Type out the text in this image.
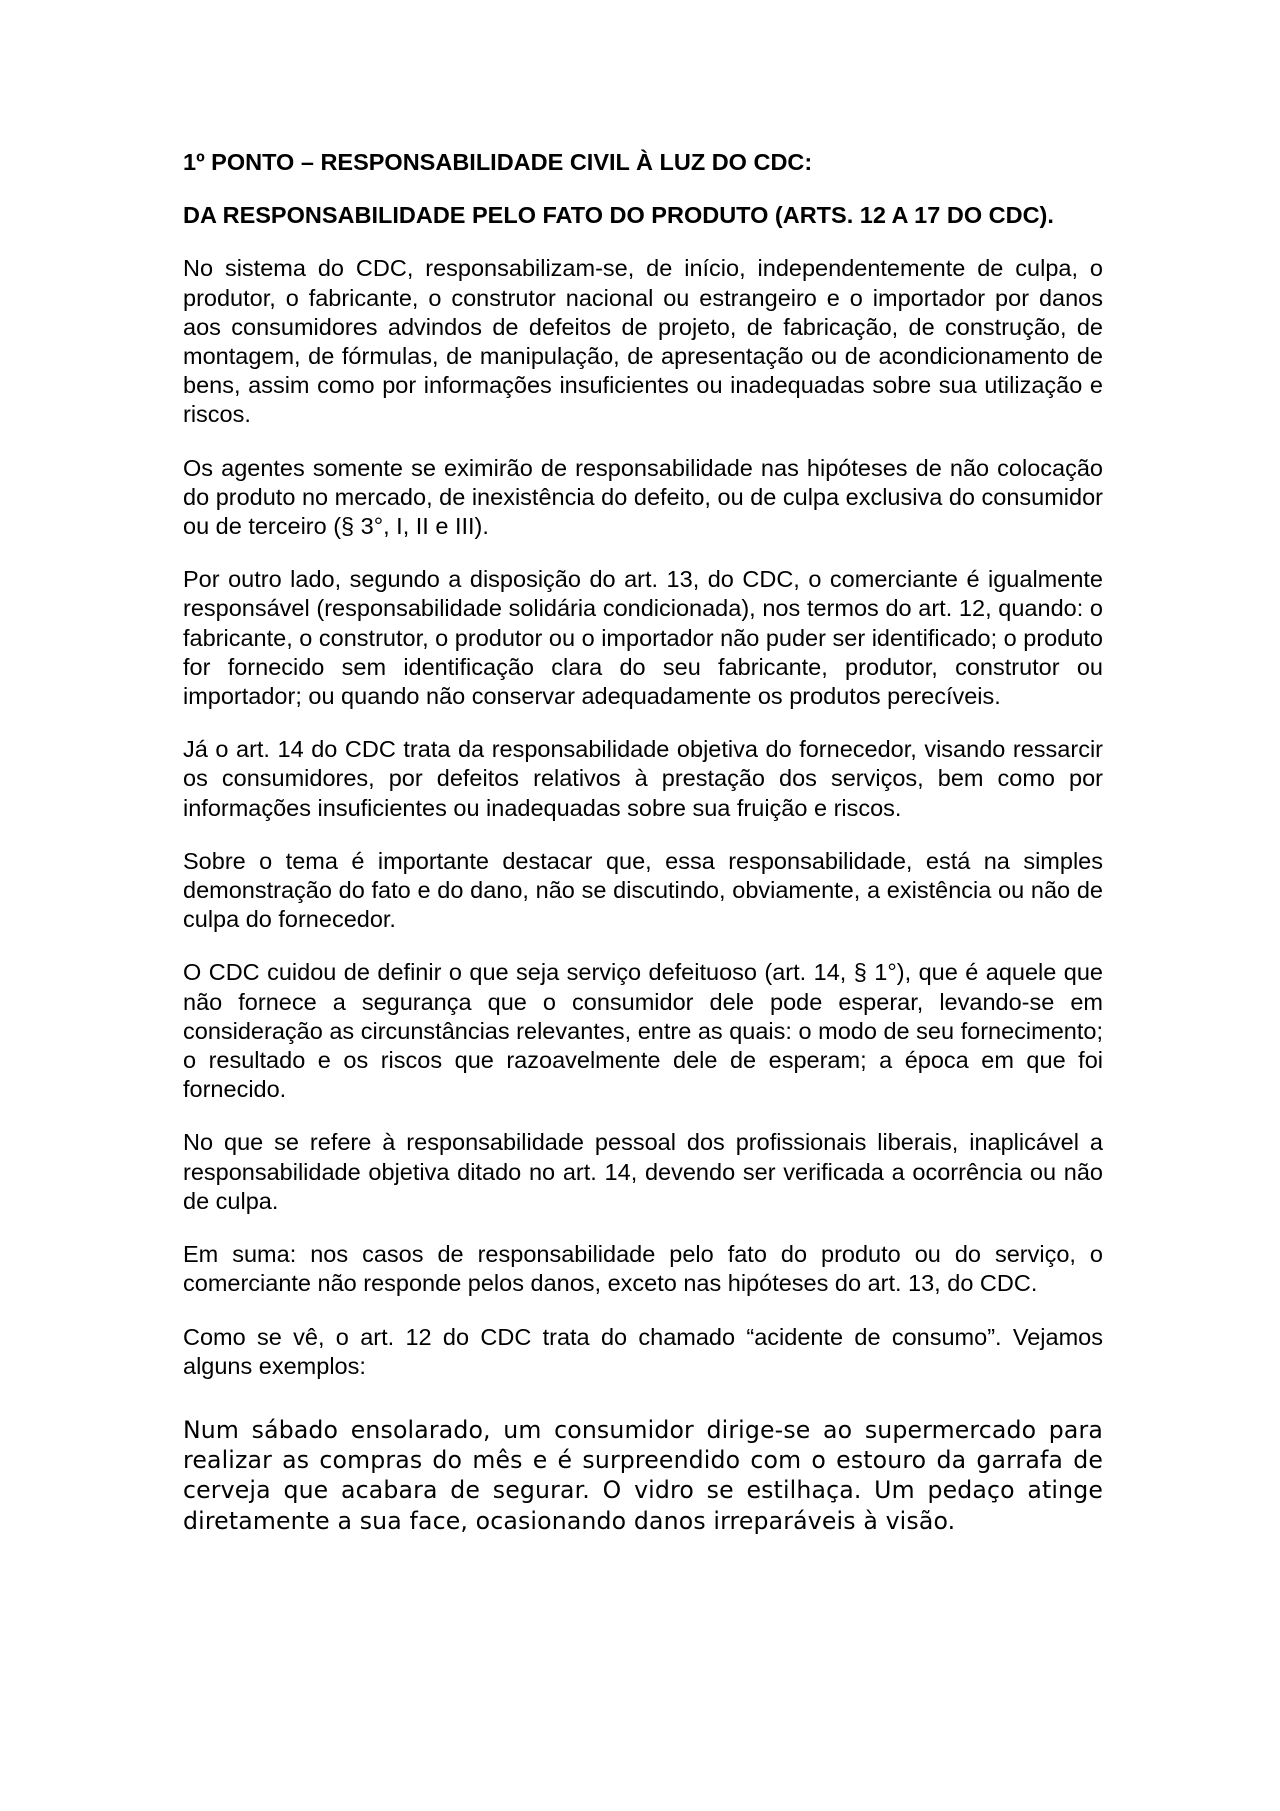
1º PONTO – RESPONSABILIDADE CIVIL À LUZ DO CDC:

DA RESPONSABILIDADE PELO FATO DO PRODUTO (ARTS. 12 A 17 DO CDC).

No sistema do CDC, responsabilizam-se, de início, independentemente de culpa, o produtor, o fabricante, o construtor nacional ou estrangeiro e o importador por danos aos consumidores advindos de defeitos de projeto, de fabricação, de construção, de montagem, de fórmulas, de manipulação, de apresentação ou de acondicionamento de bens, assim como por informações insuficientes ou inadequadas sobre sua utilização e riscos.

Os agentes somente se eximirão de responsabilidade nas hipóteses de não colocação do produto no mercado, de inexistência do defeito, ou de culpa exclusiva do consumidor ou de terceiro (§ 3°, I, II e III).

Por outro lado, segundo a disposição do art. 13, do CDC, o comerciante é igualmente responsável (responsabilidade solidária condicionada), nos termos do art. 12, quando: o fabricante, o construtor, o produtor ou o importador não puder ser identificado; o produto for fornecido sem identificação clara do seu fabricante, produtor, construtor ou importador; ou quando não conservar adequadamente os produtos perecíveis.

Já o art. 14 do CDC trata da responsabilidade objetiva do fornecedor, visando ressarcir os consumidores, por defeitos relativos à prestação dos serviços, bem como por informações insuficientes ou inadequadas sobre sua fruição e riscos.

Sobre o tema é importante destacar que, essa responsabilidade, está na simples demonstração do fato e do dano, não se discutindo, obviamente, a existência ou não de culpa do fornecedor.

O CDC cuidou de definir o que seja serviço defeituoso (art. 14, § 1°), que é aquele que não fornece a segurança que o consumidor dele pode esperar, levando-se em consideração as circunstâncias relevantes, entre as quais: o modo de seu fornecimento; o resultado e os riscos que razoavelmente dele de esperam; a época em que foi fornecido.

No que se refere à responsabilidade pessoal dos profissionais liberais, inaplicável a responsabilidade objetiva ditado no art. 14, devendo ser verificada a ocorrência ou não de culpa.

Em suma: nos casos de responsabilidade pelo fato do produto ou do serviço, o comerciante não responde pelos danos, exceto nas hipóteses do art. 13, do CDC.

Como se vê, o art. 12 do CDC trata do chamado “acidente de consumo”. Vejamos alguns exemplos:

Num sábado ensolarado, um consumidor dirige-se ao supermercado para realizar as compras do mês e é surpreendido com o estouro da garrafa de cerveja que acabara de segurar. O vidro se estilhaça. Um pedaço atinge diretamente a sua face, ocasionando danos irreparáveis à visão.
